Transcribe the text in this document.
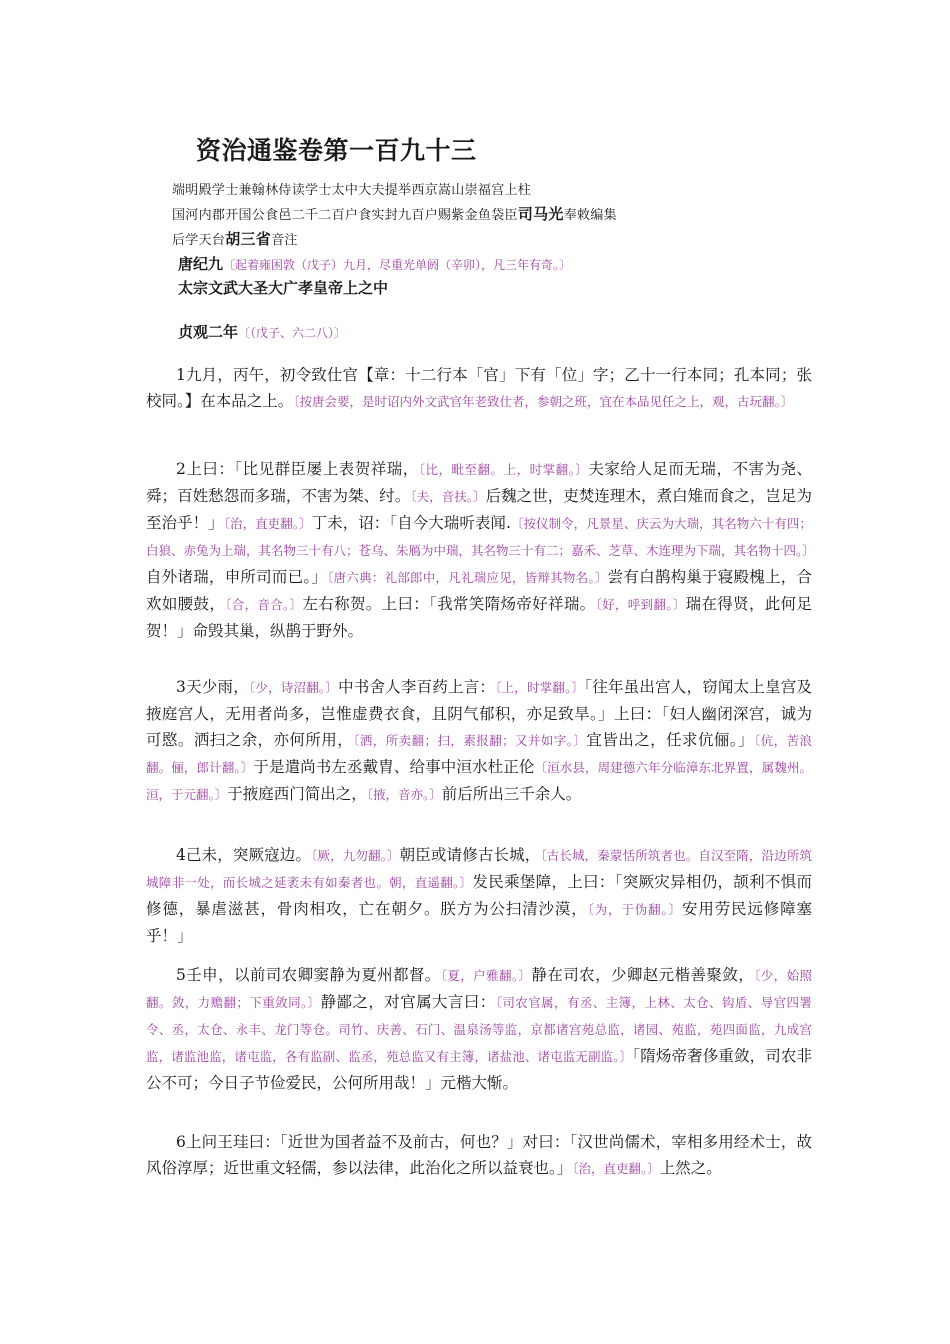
资治通鉴卷第一百九十三
端明殿学士兼翰林侍读学士太中大夫提举西京嵩山崇福宫上柱
国河内郡开国公食邑二千二百户食实封九百户赐紫金鱼袋臣司马光奉敕编集
后学天台胡三省音注
唐纪九〔起着雍困敦（戊子）九月，尽重光单阏（辛卯），凡三年有奇。〕
太宗文武大圣大广孝皇帝上之中
贞观二年〔（戊子、六二八）〕
1九月，丙午，初令致仕官【章：十二行本「官」下有「位」字；乙十一行本同；孔本同；张校同。】在本品之上。〔按唐会要，是时诏内外文武官年老致仕者，参朝之班，宜在本品见任之上，观，古玩翻。〕
2上曰：「比见群臣屡上表贺祥瑞，〔比，毗至翻。上，时掌翻。〕夫家给人足而无瑞，不害为尧、舜；百姓愁怨而多瑞，不害为桀、纣。〔夫，音扶。〕后魏之世，吏焚连理木，煮白雉而食之，岂足为至治乎！」〔治，直吏翻。〕丁未，诏：「自今大瑞听表闻.〔按仪制令，凡景星、庆云为大瑞，其名物六十有四；白狼、赤兔为上瑞，其名物三十有八；苍乌、朱鴈为中瑞，其名物三十有二；嘉禾、芝草、木连理为下瑞，其名物十四。〕自外诸瑞，申所司而已。」〔唐六典：礼部郎中，凡礼瑞应见，皆辩其物名。〕尝有白鹊构巢于寝殿槐上，合欢如腰鼓，〔合，音合。〕左右称贺。上曰：「我常笑隋炀帝好祥瑞。〔好，呼到翻。〕瑞在得贤，此何足贺！」命毁其巢，纵鹊于野外。
3天少雨，〔少，诗沼翻。〕中书舍人李百药上言：〔上，时掌翻。〕「往年虽出宫人，窃闻太上皇宫及掖庭宫人，无用者尚多，岂惟虚费衣食，且阴气郁积，亦足致旱。」上曰：「妇人幽闭深宫，诚为可愍。洒扫之余，亦何所用，〔洒，所卖翻；扫，素报翻；又并如字。〕宜皆出之，任求伉俪。」〔伉，苦浪翻。俪，郎计翻。〕于是遣尚书左丞戴胄、给事中洹水杜正伦〔洹水县，周建德六年分临漳东北界置，属魏州。洹，于元翻。〕于掖庭西门简出之，〔掖，音亦。〕前后所出三千余人。
4己未，突厥寇边。〔厥，九勿翻。〕朝臣或请修古长城，〔古长城，秦蒙恬所筑者也。自汉至隋，沿边所筑城障非一处，而长城之延袤未有如秦者也。朝，直遥翻。〕发民乘堡障，上曰：「突厥灾异相仍，颉利不惧而修德，暴虐滋甚，骨肉相攻，亡在朝夕。朕方为公扫清沙漠，〔为，于伪翻。〕安用劳民远修障塞乎！」
5壬申，以前司农卿窦静为夏州都督。〔夏，户雅翻。〕静在司农，少卿赵元楷善聚敛，〔少，始照翻。敛，力赡翻；下重敛同。〕静鄙之，对官属大言曰：〔司农官属，有丞、主簿，上林、太仓、钩盾、导官四署令、丞，太仓、永丰、龙门等仓。司竹、庆善、石门、温泉汤等监，京都诸宫苑总监，诸园、苑监，苑四面监，九成宫监，诸监池监，诸屯监，各有监副、监丞，苑总监又有主簿，诸盐池、诸屯监无副监。〕「隋炀帝奢侈重敛，司农非公不可；今日子节俭爱民，公何所用哉！」元楷大惭。
6上问王珪曰：「近世为国者益不及前古，何也？」对曰：「汉世尚儒术，宰相多用经术士，故风俗淳厚；近世重文轻儒，参以法律，此治化之所以益衰也。」〔治，直吏翻。〕上然之。
